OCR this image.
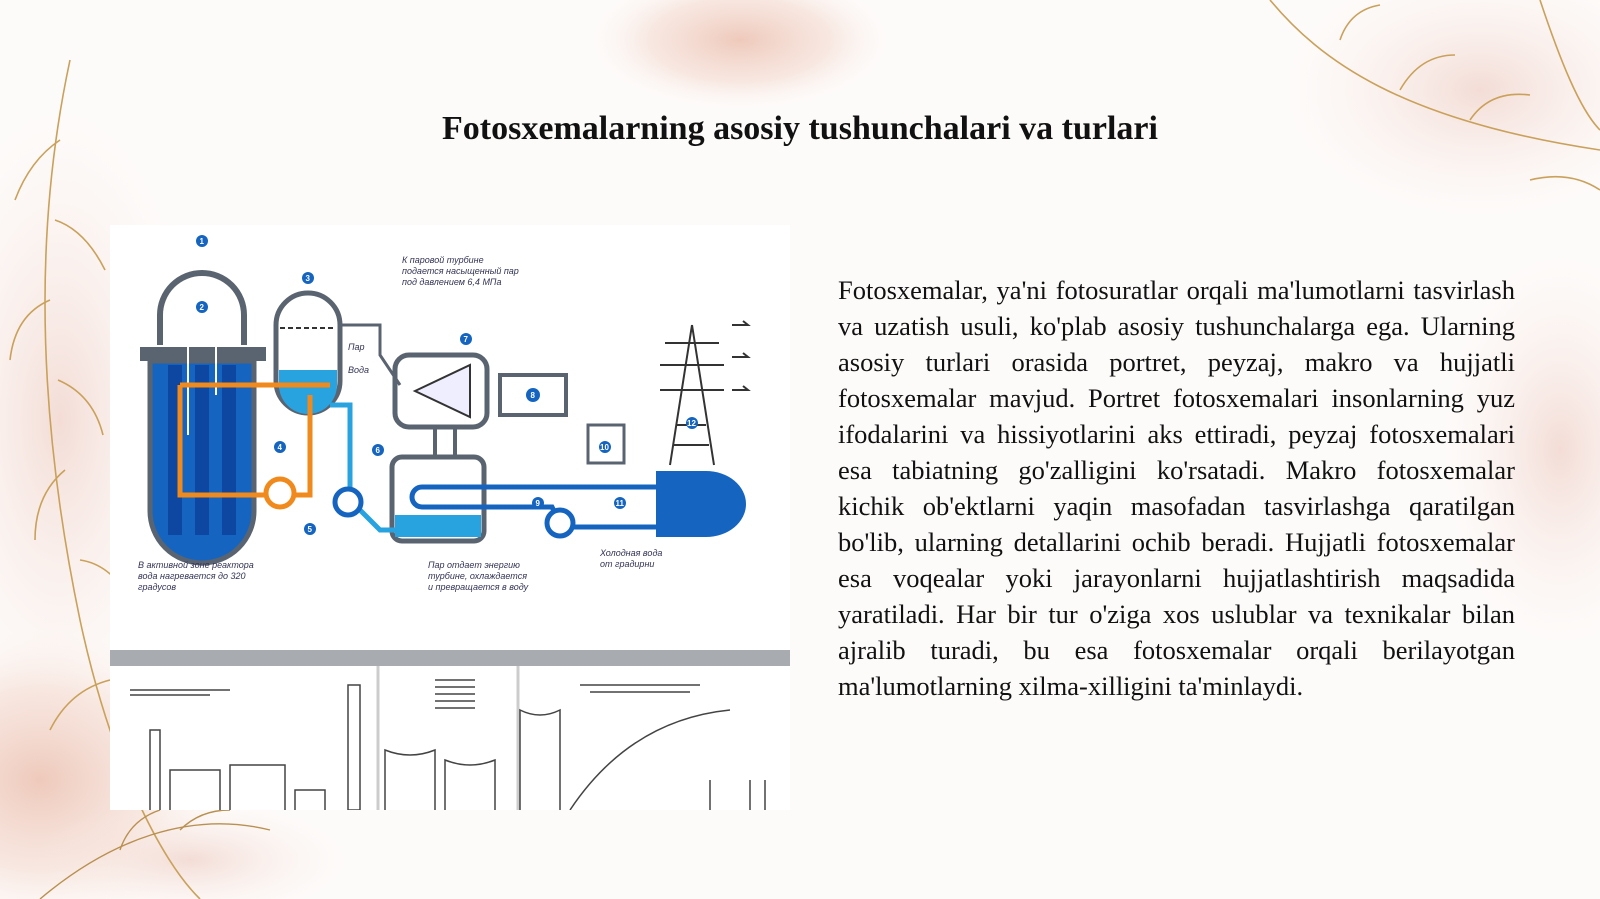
Fotosxemalarning asosiy tushunchalari va turlari
К паровой турбине
подается насыщенный пар
под давлением 6,4 МПа
Пар
Вода
В активной зоне реактора
вода нагревается до 320
градусов
Пар отдает энергию
турбине, охлаждается
и превращается в воду
Холодная вода
от градирни
1
2
3
4
5
6
7
8
9
10
11
12
Fotosxemalar, ya'ni fotosuratlar orqali ma'lumotlarni tasvirlash va uzatish usuli, ko'plab asosiy tushunchalarga ega. Ularning asosiy turlari orasida portret, peyzaj, makro va hujjatli fotosxemalar mavjud. Portret fotosxemalari insonlarning yuz ifodalarini va hissiyotlarini aks ettiradi, peyzaj fotosxemalari esa tabiatning go'zalligini ko'rsatadi. Makro fotosxemalar kichik ob'ektlarni yaqin masofadan tasvirlashga qaratilgan bo'lib, ularning detallarini ochib beradi. Hujjatli fotosxemalar esa voqealar yoki jarayonlarni hujjatlashtirish maqsadida yaratiladi. Har bir tur o'ziga xos uslublar va texnikalar bilan ajralib turadi, bu esa fotosxemalar orqali berilayotgan ma'lumotlarning xilma-xilligini ta'minlaydi.
